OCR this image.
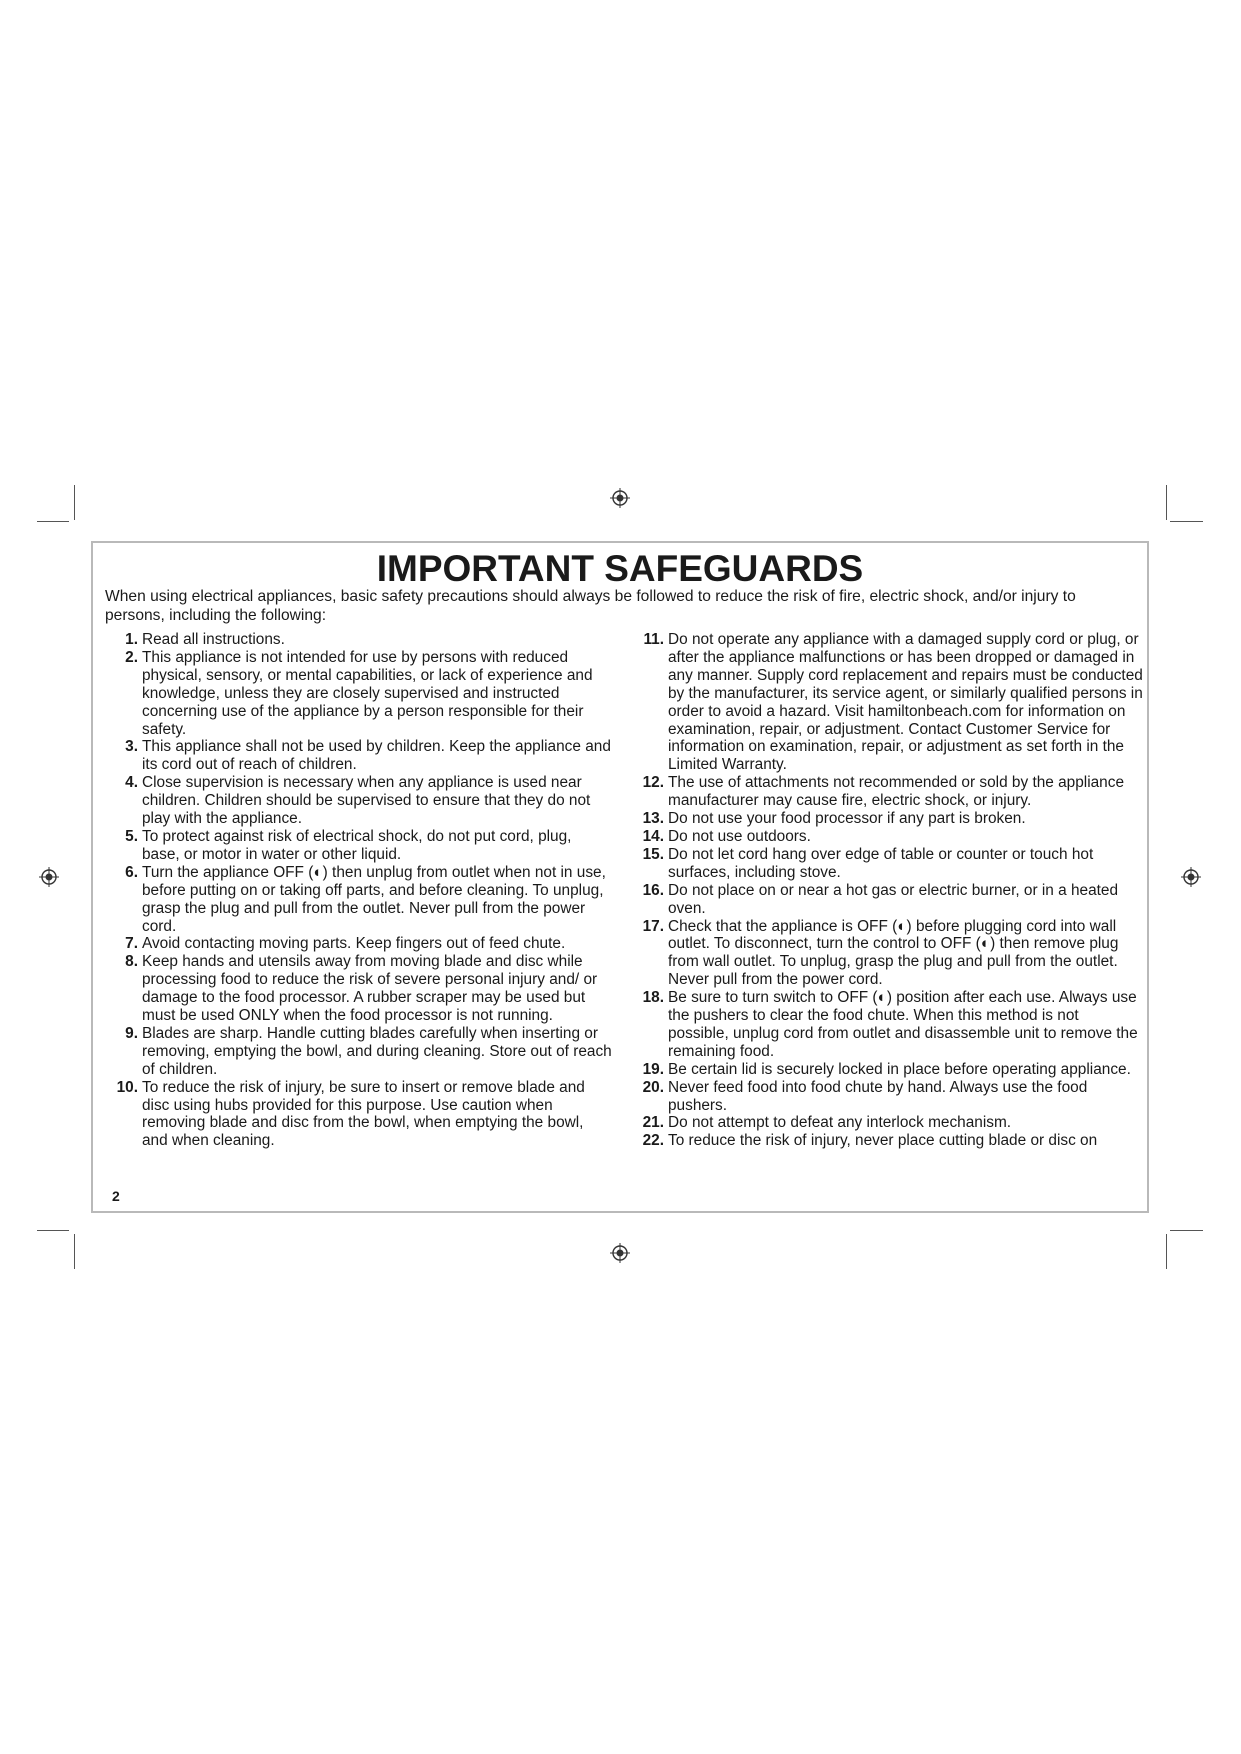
IMPORTANT SAFEGUARDS
When using electrical appliances, basic safety precautions should always be followed to reduce the risk of fire, electric shock, and/or injury to persons, including the following:
1. Read all instructions.
2. This appliance is not intended for use by persons with reduced physical, sensory, or mental capabilities, or lack of experience and knowledge, unless they are closely supervised and instructed concerning use of the appliance by a person responsible for their safety.
3. This appliance shall not be used by children. Keep the appliance and its cord out of reach of children.
4. Close supervision is necessary when any appliance is used near children. Children should be supervised to ensure that they do not play with the appliance.
5. To protect against risk of electrical shock, do not put cord, plug, base, or motor in water or other liquid.
6. Turn the appliance OFF (◐) then unplug from outlet when not in use, before putting on or taking off parts, and before cleaning. To unplug, grasp the plug and pull from the outlet. Never pull from the power cord.
7. Avoid contacting moving parts. Keep fingers out of feed chute.
8. Keep hands and utensils away from moving blade and disc while processing food to reduce the risk of severe personal injury and/ or damage to the food processor. A rubber scraper may be used but must be used ONLY when the food processor is not running.
9. Blades are sharp. Handle cutting blades carefully when inserting or removing, emptying the bowl, and during cleaning. Store out of reach of children.
10. To reduce the risk of injury, be sure to insert or remove blade and disc using hubs provided for this purpose. Use caution when removing blade and disc from the bowl, when emptying the bowl, and when cleaning.
11. Do not operate any appliance with a damaged supply cord or plug, or after the appliance malfunctions or has been dropped or damaged in any manner. Supply cord replacement and repairs must be conducted by the manufacturer, its service agent, or similarly qualified persons in order to avoid a hazard. Visit hamiltonbeach.com for information on examination, repair, or adjustment. Contact Customer Service for information on examination, repair, or adjustment as set forth in the Limited Warranty.
12. The use of attachments not recommended or sold by the appliance manufacturer may cause fire, electric shock, or injury.
13. Do not use your food processor if any part is broken.
14. Do not use outdoors.
15. Do not let cord hang over edge of table or counter or touch hot surfaces, including stove.
16. Do not place on or near a hot gas or electric burner, or in a heated oven.
17. Check that the appliance is OFF (◐) before plugging cord into wall outlet. To disconnect, turn the control to OFF (◐) then remove plug from wall outlet. To unplug, grasp the plug and pull from the outlet. Never pull from the power cord.
18. Be sure to turn switch to OFF (◐) position after each use. Always use the pushers to clear the food chute. When this method is not possible, unplug cord from outlet and disassemble unit to remove the remaining food.
19. Be certain lid is securely locked in place before operating appliance.
20. Never feed food into food chute by hand. Always use the food pushers.
21. Do not attempt to defeat any interlock mechanism.
22. To reduce the risk of injury, never place cutting blade or disc on
2
